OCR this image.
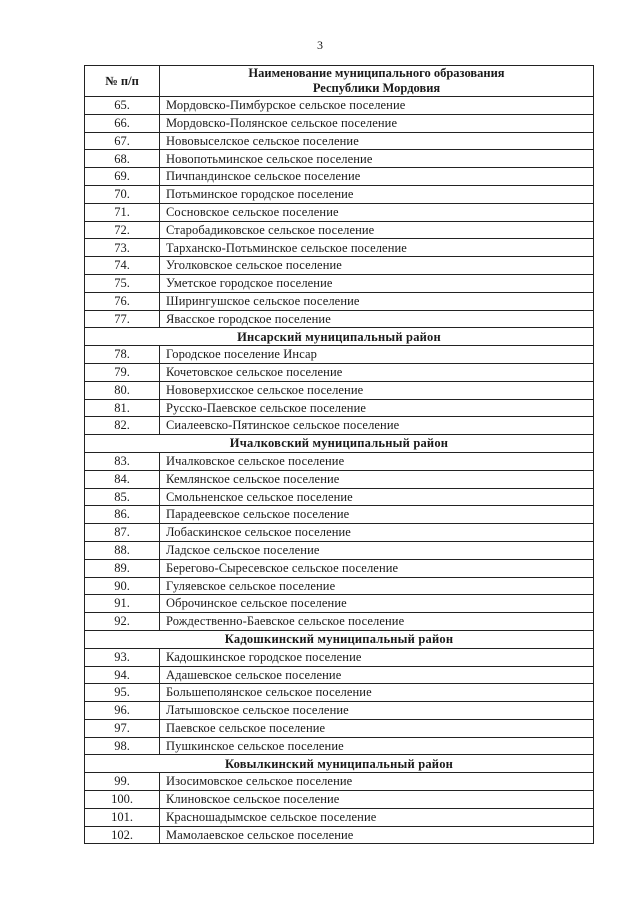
3
№ п/п	Наименование муниципального образования
Республики Мордовия
65.	Мордовско-Пимбурское сельское поселение
66.	Мордовско-Полянское сельское поселение
67.	Нововыселское сельское поселение
68.	Новопотьминское сельское поселение
69.	Пичпандинское сельское поселение
70.	Потьминское городское поселение
71.	Сосновское сельское поселение
72.	Старобадиковское сельское поселение
73.	Тарханско-Потьминское сельское поселение
74.	Уголковское сельское поселение
75.	Уметское городское поселение
76.	Ширингушское сельское поселение
77.	Явасское городское поселение
Инсарский муниципальный район	
78.	Городское поселение Инсар
79.	Кочетовское сельское поселение
80.	Нововерхисское сельское поселение
81.	Русско-Паевское сельское поселение
82.	Сиалеевско-Пятинское сельское поселение
Ичалковский муниципальный район	
83.	Ичалковское сельское поселение
84.	Кемлянское сельское поселение
85.	Смольненское сельское поселение
86.	Парадеевское сельское поселение
87.	Лобаскинское сельское поселение
88.	Ладское сельское поселение
89.	Берегово-Сыресевское сельское поселение
90.	Гуляевское сельское поселение
91.	Оброчинское сельское поселение
92.	Рождественно-Баевское сельское поселение
Кадошкинский муниципальный район	
93.	Кадошкинское городское поселение
94.	Адашевское сельское поселение
95.	Большеполянское сельское поселение
96.	Латышовское сельское поселение
97.	Паевское сельское поселение
98.	Пушкинское сельское поселение
Ковылкинский муниципальный район	
99.	Изосимовское сельское поселение
100.	Клиновское сельское поселение
101.	Красношадымское сельское поселение
102.	Мамолаевское сельское поселение
